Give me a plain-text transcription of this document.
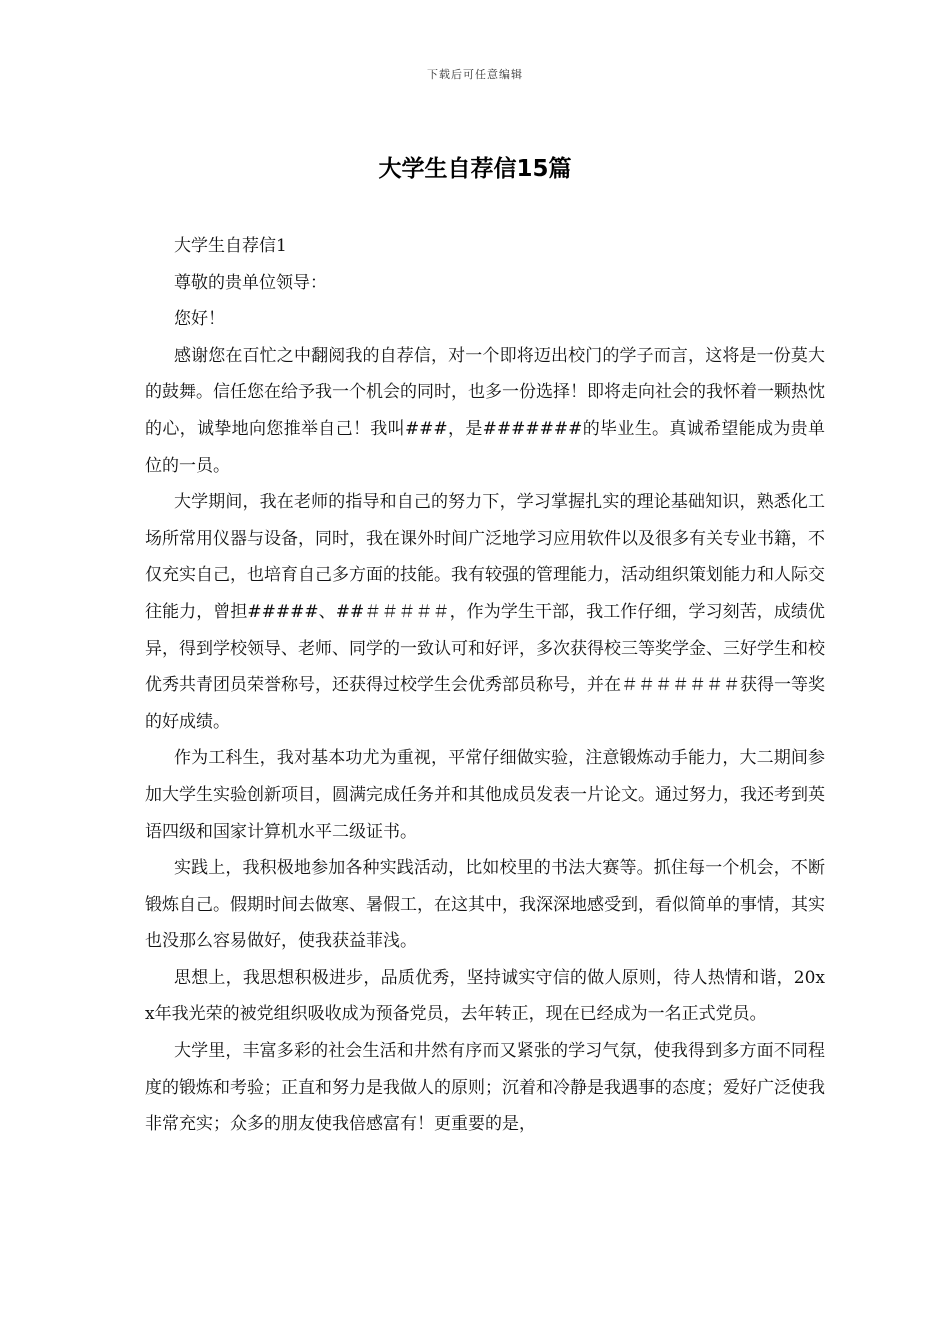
下载后可任意编辑
大学生自荐信15篇

大学生自荐信1

尊敬的贵单位领导：

您好！

感谢您在百忙之中翻阅我的自荐信，对一个即将迈出校门的学子而言，这将是一份莫大的鼓舞。信任您在给予我一个机会的同时，也多一份选择！即将走向社会的我怀着一颗热忱的心，诚挚地向您推举自己！我叫###，是#######的毕业生。真诚希望能成为贵单位的一员。

大学期间，我在老师的指导和自己的努力下，学习掌握扎实的理论基础知识，熟悉化工场所常用仪器与设备，同时，我在课外时间广泛地学习应用软件以及很多有关专业书籍，不仅充实自己，也培育自己多方面的技能。我有较强的管理能力，活动组织策划能力和人际交往能力，曾担#####、##＃＃＃＃＃，作为学生干部，我工作仔细，学习刻苦，成绩优异，得到学校领导、老师、同学的一致认可和好评，多次获得校三等奖学金、三好学生和校优秀共青团员荣誉称号，还获得过校学生会优秀部员称号，并在＃＃＃＃＃＃＃获得一等奖的好成绩。

作为工科生，我对基本功尤为重视，平常仔细做实验，注意锻炼动手能力，大二期间参加大学生实验创新项目，圆满完成任务并和其他成员发表一片论文。通过努力，我还考到英语四级和国家计算机水平二级证书。

实践上，我积极地参加各种实践活动，比如校里的书法大赛等。抓住每一个机会，不断锻炼自己。假期时间去做寒、暑假工，在这其中，我深深地感受到，看似简单的事情，其实也没那么容易做好，使我获益菲浅。

思想上，我思想积极进步，品质优秀，坚持诚实守信的做人原则，待人热情和谐，20xx年我光荣的被党组织吸收成为预备党员，去年转正，现在已经成为一名正式党员。

大学里，丰富多彩的社会生活和井然有序而又紧张的学习气氛，使我得到多方面不同程度的锻炼和考验；正直和努力是我做人的原则；沉着和冷静是我遇事的态度；爱好广泛使我非常充实；众多的朋友使我倍感富有！更重要的是，
